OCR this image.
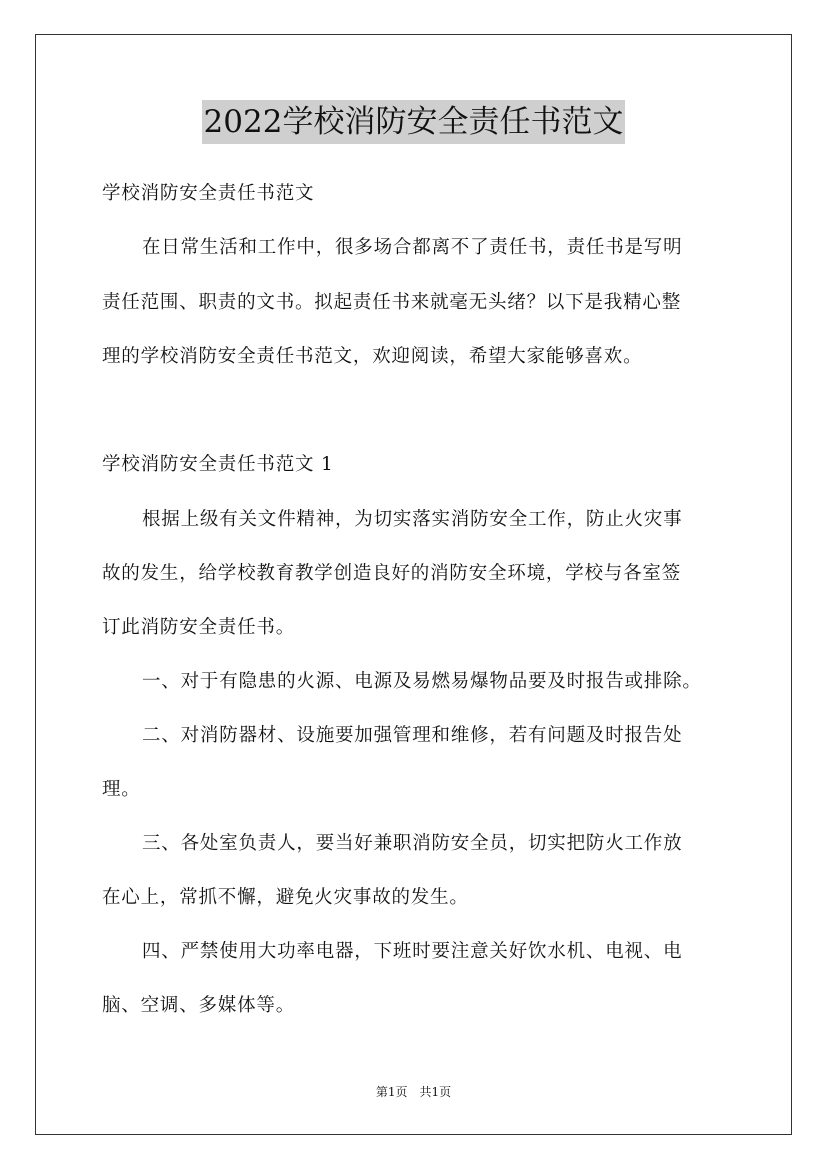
2022学校消防安全责任书范文
学校消防安全责任书范文
在日常生活和工作中，很多场合都离不了责任书，责任书是写明
责任范围、职责的文书。拟起责任书来就毫无头绪？以下是我精心整
理的学校消防安全责任书范文，欢迎阅读，希望大家能够喜欢。
学校消防安全责任书范文 1
根据上级有关文件精神，为切实落实消防安全工作，防止火灾事
故的发生，给学校教育教学创造良好的消防安全环境，学校与各室签
订此消防安全责任书。
一、对于有隐患的火源、电源及易燃易爆物品要及时报告或排除。
二、对消防器材、设施要加强管理和维修，若有问题及时报告处
理。
三、各处室负责人，要当好兼职消防安全员，切实把防火工作放
在心上，常抓不懈，避免火灾事故的发生。
四、严禁使用大功率电器，下班时要注意关好饮水机、电视、电
脑、空调、多媒体等。
第1页　共1页
